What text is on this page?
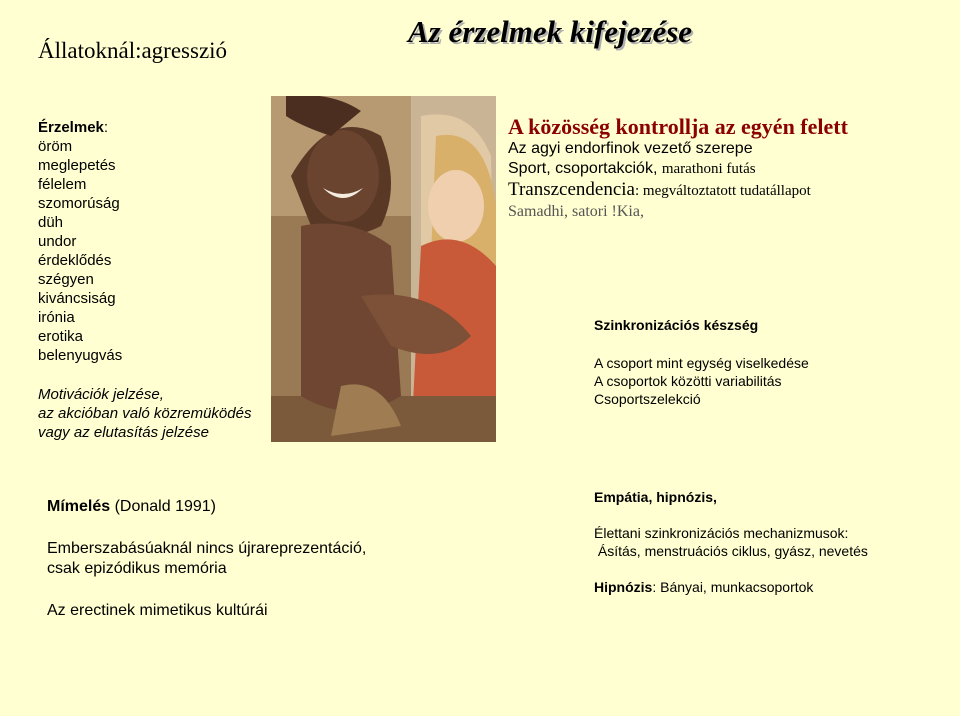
Az érzelmek kifejezése
Állatoknál:agresszió
Érzelmek:
öröm
meglepetés
félelem
szomorúság
düh
undor
érdeklődés
szégyen
kiváncsiság
irónia
erotika
belenyugvás
Motivációk jelzése,
az akcióban való közremüködés
vagy az elutasítás jelzése
A közösség kontrollja az egyén felett
Az agyi endorfinok vezető szerepe
Sport, csoportakciók, marathoni futás
Transzcendencia: megváltoztatott tudatállapot
Samadhi, satori !Kia,
Szinkronizációs készség
A csoport mint egység viselkedése
A csoportok közötti variabilitás
Csoportszelekció
Mímelés (Donald 1991)
Emberszabásúaknál nincs újrareprezentáció,
csak epizódikus memória
Az erectinek mimetikus kultúrái
Empátia, hipnózis,
Élettani szinkronizációs mechanizmusok:
Ásítás, menstruációs ciklus, gyász, nevetés
Hipnózis: Bányai, munkacsoportok
